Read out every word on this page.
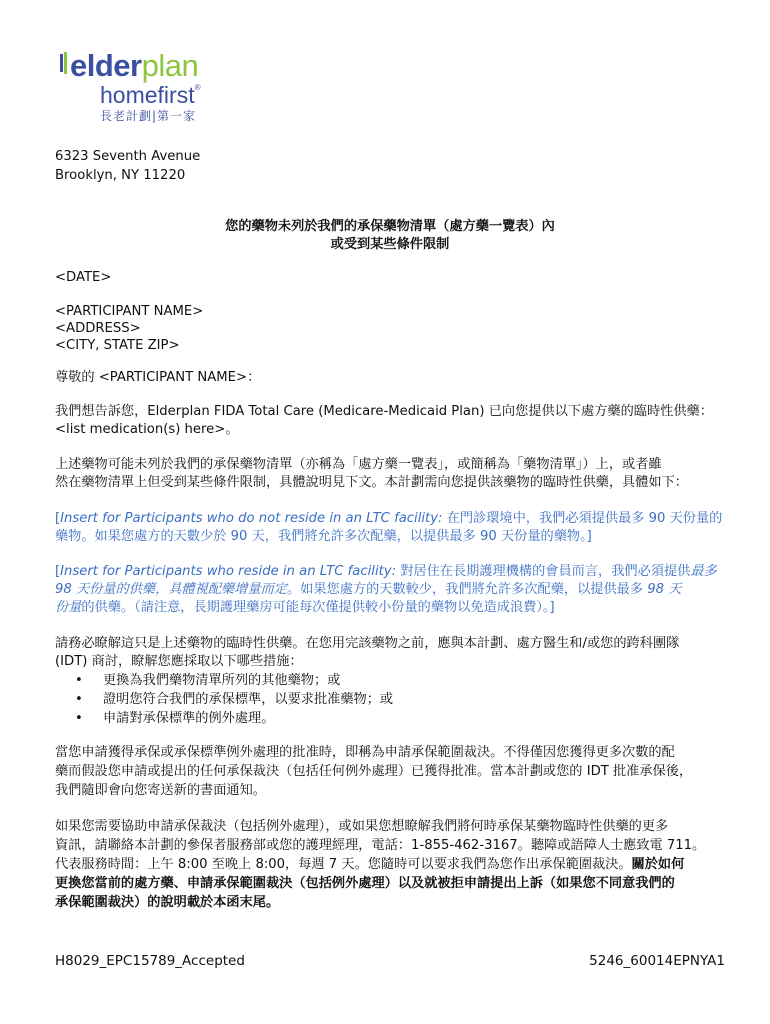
elderplan
homefirst®
長老計劃|第一家
6323 Seventh Avenue
Brooklyn, NY 11220
您的藥物未列於我們的承保藥物清單（處方藥一覽表）內
或受到某些條件限制
<DATE>
<PARTICIPANT NAME>
<ADDRESS>
<CITY, STATE ZIP>
尊敬的 <PARTICIPANT NAME>：
我們想告訴您，Elderplan FIDA Total Care (Medicare-Medicaid Plan) 已向您提供以下處方藥的臨時性供藥：
<list medication(s) here>。
上述藥物可能未列於我們的承保藥物清單（亦稱為「處方藥一覽表」，或簡稱為「藥物清單」）上，或者雖
然在藥物清單上但受到某些條件限制，具體說明見下文。本計劃需向您提供該藥物的臨時性供藥，具體如下：
[Insert for Participants who do not reside in an LTC facility: 在門診環境中，我們必須提供最多 90 天份量的
藥物。如果您處方的天數少於 90 天，我們將允許多次配藥，以提供最多 90 天份量的藥物。]
[Insert for Participants who reside in an LTC facility: 對居住在長期護理機構的會員而言，我們必須提供最多
98 天份量的供藥，具體視配藥增量而定。如果您處方的天數較少，我們將允許多次配藥，以提供最多 98 天
份量的供藥。（請注意，長期護理藥房可能每次僅提供較小份量的藥物以免造成浪費）。]
請務必瞭解這只是上述藥物的臨時性供藥。在您用完該藥物之前，應與本計劃、處方醫生和/或您的跨科團隊
(IDT) 商討，瞭解您應採取以下哪些措施：
• 更換為我們藥物清單所列的其他藥物；或
• 證明您符合我們的承保標準，以要求批准藥物；或
• 申請對承保標準的例外處理。
當您申請獲得承保或承保標準例外處理的批准時，即稱為申請承保範圍裁決。不得僅因您獲得更多次數的配
藥而假設您申請或提出的任何承保裁決（包括任何例外處理）已獲得批准。當本計劃或您的 IDT 批准承保後，
我們隨即會向您寄送新的書面通知。
如果您需要協助申請承保裁決（包括例外處理），或如果您想瞭解我們將何時承保某藥物臨時性供藥的更多
資訊，請聯絡本計劃的參保者服務部或您的護理經理，電話：1-855-462-3167。聽障或語障人士應致電 711。
代表服務時間：上午 8:00 至晚上 8:00，每週 7 天。您隨時可以要求我們為您作出承保範圍裁決。關於如何
更換您當前的處方藥、申請承保範圍裁決（包括例外處理）以及就被拒申請提出上訴（如果您不同意我們的
承保範圍裁決）的說明載於本函末尾。
H8029_EPC15789_Accepted	5246_60014EPNYA1
